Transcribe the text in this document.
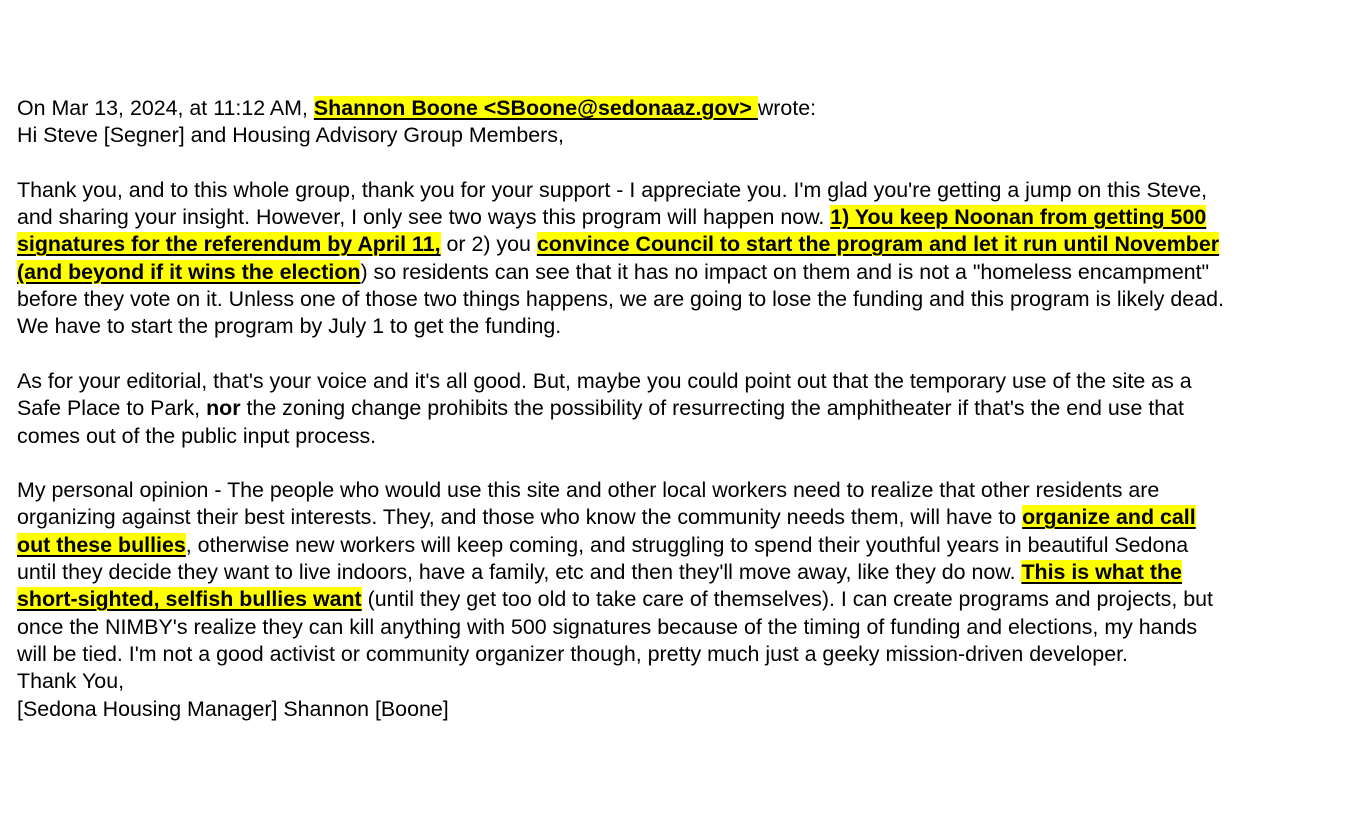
On Mar 13, 2024, at 11:12 AM, Shannon Boone <SBoone@sedonaaz.gov> wrote:
Hi Steve [Segner] and Housing Advisory Group Members,
Thank you, and to this whole group, thank you for your support - I appreciate you. I'm glad you're getting a jump on this Steve,
and sharing your insight. However, I only see two ways this program will happen now. 1) You keep Noonan from getting 500
signatures for the referendum by April 11, or 2) you convince Council to start the program and let it run until November
(and beyond if it wins the election) so residents can see that it has no impact on them and is not a "homeless encampment"
before they vote on it. Unless one of those two things happens, we are going to lose the funding and this program is likely dead.
We have to start the program by July 1 to get the funding.
As for your editorial, that's your voice and it's all good. But, maybe you could point out that the temporary use of the site as a
Safe Place to Park, nor the zoning change prohibits the possibility of resurrecting the amphitheater if that's the end use that
comes out of the public input process.
My personal opinion - The people who would use this site and other local workers need to realize that other residents are
organizing against their best interests. They, and those who know the community needs them, will have to organize and call
out these bullies, otherwise new workers will keep coming, and struggling to spend their youthful years in beautiful Sedona
until they decide they want to live indoors, have a family, etc and then they'll move away, like they do now. This is what the
short-sighted, selfish bullies want (until they get too old to take care of themselves). I can create programs and projects, but
once the NIMBY's realize they can kill anything with 500 signatures because of the timing of funding and elections, my hands
will be tied. I'm not a good activist or community organizer though, pretty much just a geeky mission-driven developer.
Thank You,
[Sedona Housing Manager] Shannon [Boone]
